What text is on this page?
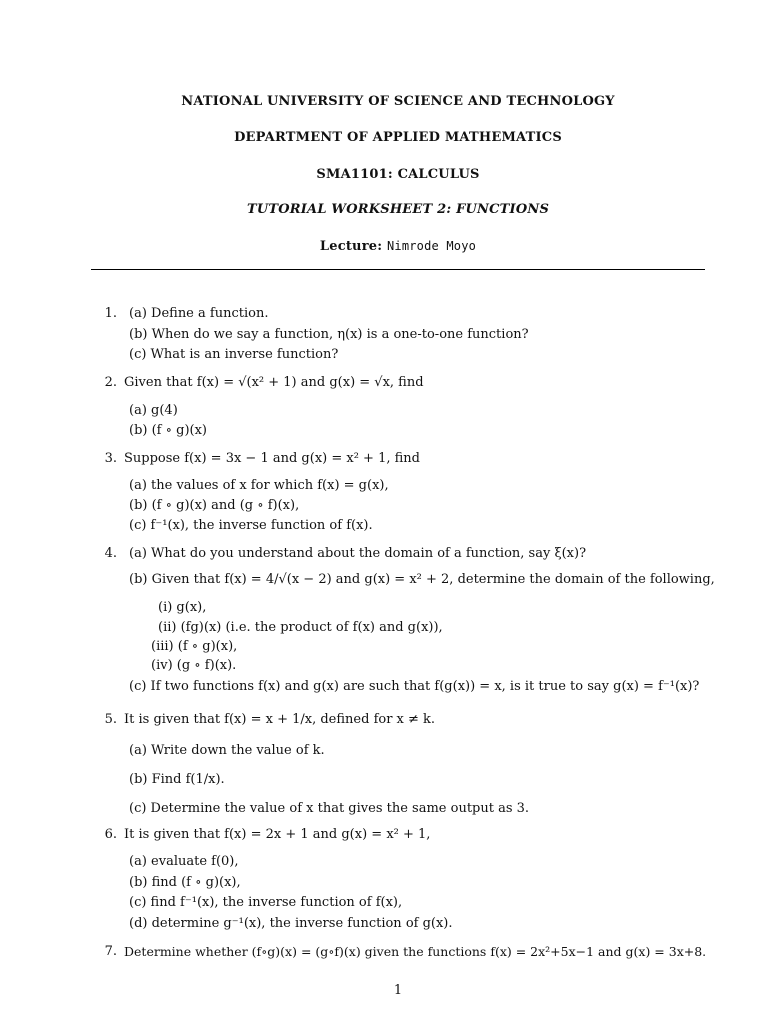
NATIONAL UNIVERSITY OF SCIENCE AND TECHNOLOGY
DEPARTMENT OF APPLIED MATHEMATICS
SMA1101: CALCULUS
TUTORIAL WORKSHEET 2: FUNCTIONS
Lecture: Nimrode Moyo
1. (a) Define a function.
(b) When do we say a function, η(x) is a one-to-one function?
(c) What is an inverse function?
2. Given that f(x) = √(x² + 1) and g(x) = √x, find
(a) g(4)
(b) (f ∘ g)(x)
3. Suppose f(x) = 3x − 1 and g(x) = x² + 1, find
(a) the values of x for which f(x) = g(x),
(b) (f ∘ g)(x) and (g ∘ f)(x),
(c) f⁻¹(x), the inverse function of f(x).
4. (a) What do you understand about the domain of a function, say ξ(x)?
(b) Given that f(x) = 4/√(x − 2) and g(x) = x² + 2, determine the domain of the following,
(i) g(x),
(ii) (fg)(x) (i.e. the product of f(x) and g(x)),
(iii) (f ∘ g)(x),
(iv) (g ∘ f)(x).
(c) If two functions f(x) and g(x) are such that f(g(x)) = x, is it true to say g(x) = f⁻¹(x)?
5. It is given that f(x) = x + 1/x, defined for x ≠ k.
(a) Write down the value of k.
(b) Find f(1/x).
(c) Determine the value of x that gives the same output as 3.
6. It is given that f(x) = 2x + 1 and g(x) = x² + 1,
(a) evaluate f(0),
(b) find (f ∘ g)(x),
(c) find f⁻¹(x), the inverse function of f(x),
(d) determine g⁻¹(x), the inverse function of g(x).
7. Determine whether (f∘g)(x) = (g∘f)(x) given the functions f(x) = 2x²+5x−1 and g(x) = 3x+8.
1
